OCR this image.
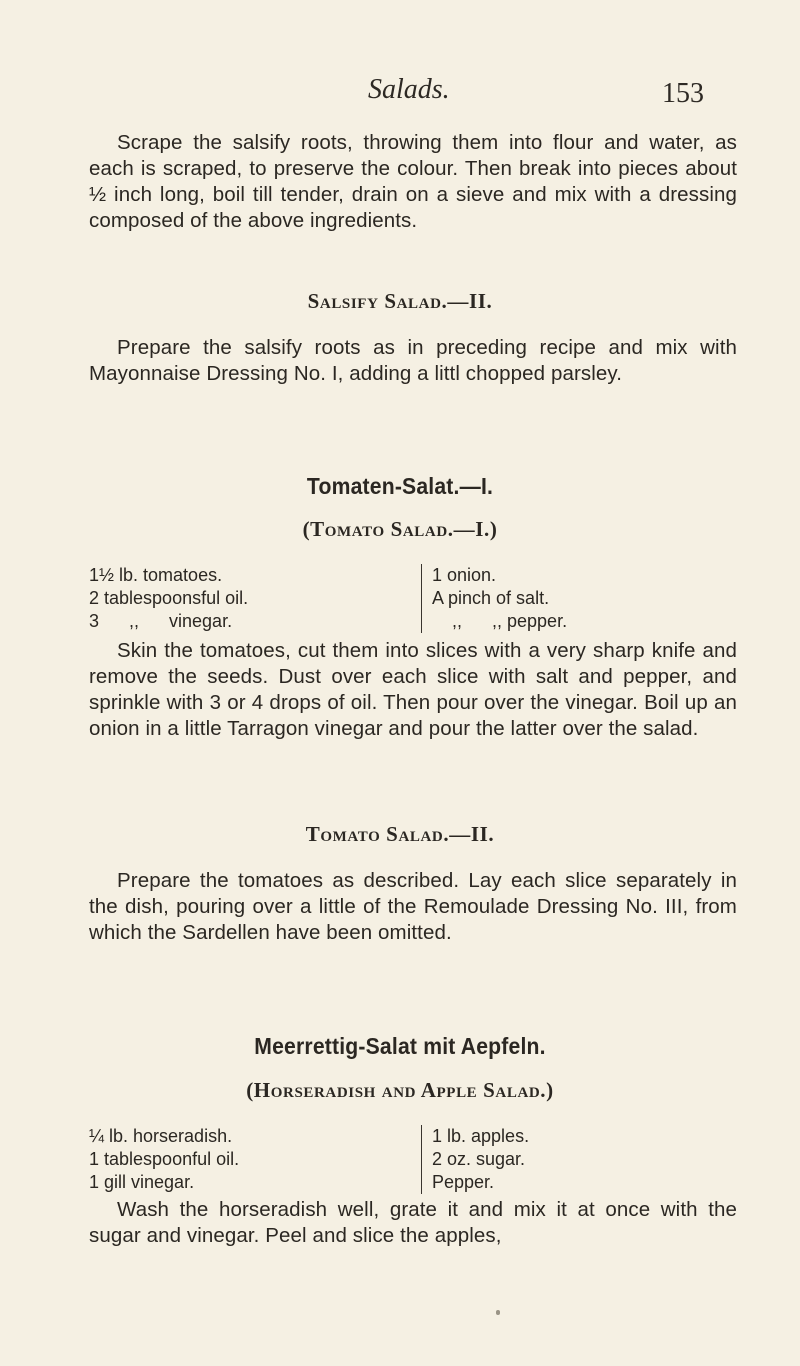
Salads.	153

Scrape the salsify roots, throwing them into flour and water, as each is scraped, to preserve the colour. Then break into pieces about ½ inch long, boil till tender, drain on a sieve and mix with a dressing composed of the above ingredients.

Salsify Salad.—II.

Prepare the salsify roots as in preceding recipe and mix with Mayonnaise Dressing No. I, adding a littl chopped parsley.

Tomaten-Salat.—I.
(Tomato Salad.—I.)
1½ lb. tomatoes.
2 tablespoonsful oil.
3      ,,      vinegar.
1 onion.
A pinch of salt.
,,      ,, pepper.

Skin the tomatoes, cut them into slices with a very sharp knife and remove the seeds. Dust over each slice with salt and pepper, and sprinkle with 3 or 4 drops of oil. Then pour over the vinegar. Boil up an onion in a little Tarragon vinegar and pour the latter over the salad.

Tomato Salad.—II.

Prepare the tomatoes as described. Lay each slice separately in the dish, pouring over a little of the Remoulade Dressing No. III, from which the Sardellen have been omitted.

Meerrettig-Salat mit Aepfeln.
(Horseradish and Apple Salad.)
¼ lb. horseradish.
1 tablespoonful oil.
1 gill vinegar.
1 lb. apples.
2 oz. sugar.
Pepper.

Wash the horseradish well, grate it and mix it at once with the sugar and vinegar. Peel and slice the apples,
